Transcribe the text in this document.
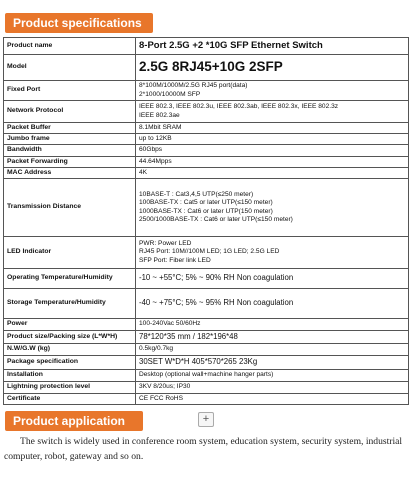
Product specifications
Product name	8-Port 2.5G +2 *10G SFP Ethernet Switch

Model	2.5G 8RJ45+10G 2SFP

Fixed Port	8*100M/1000M/2.5G RJ45 port(data)
2*1000/10000M SFP

Network Protocol	IEEE 802.3, IEEE 802.3u, IEEE 802.3ab, IEEE 802.3x, IEEE 802.3z
IEEE 802.3ae

Packet Buffer	8.1Mbit SRAM

Jumbo frame	up to 12KB

Bandwidth	60Gbps

Packet Forwarding	44.64Mpps

MAC Address	4K

Transmission Distance	10BASE-T : Cat3,4,5 UTP(≤250 meter)
100BASE-TX : Cat5 or later UTP(≤150 meter)
1000BASE-TX : Cat6 or later UTP(150 meter)
2500/1000BASE-TX : Cat6 or later UTP(≤150 meter)

LED Indicator	PWR: Power LED
RJ45 Port: 10M//100M LED; 1G LED; 2.5G LED
SFP Port: Fiber link LED

Operating Temperature/Humidity	-10 ~ +55°C; 5% ~ 90% RH Non coagulation

Storage Temperature/Humidity	-40 ~ +75°C; 5% ~ 95% RH Non coagulation

Power	100-240Vac 50/60Hz

Product size/Packing size (L*W*H)	78*120*35 mm / 182*196*48

N.W/G.W (kg)	0.5kg/0.7kg

Package specification	30SET W*D*H 405*570*265 23Kg

Installation	Desktop (optional wall+machine hanger parts)

Lightning protection level	3KV 8/20us; IP30

Certificate	CE FCC RoHS
Product application	+
The switch is widely used in conference room system, education system, security system, industrial computer, robot, gateway and so on.
